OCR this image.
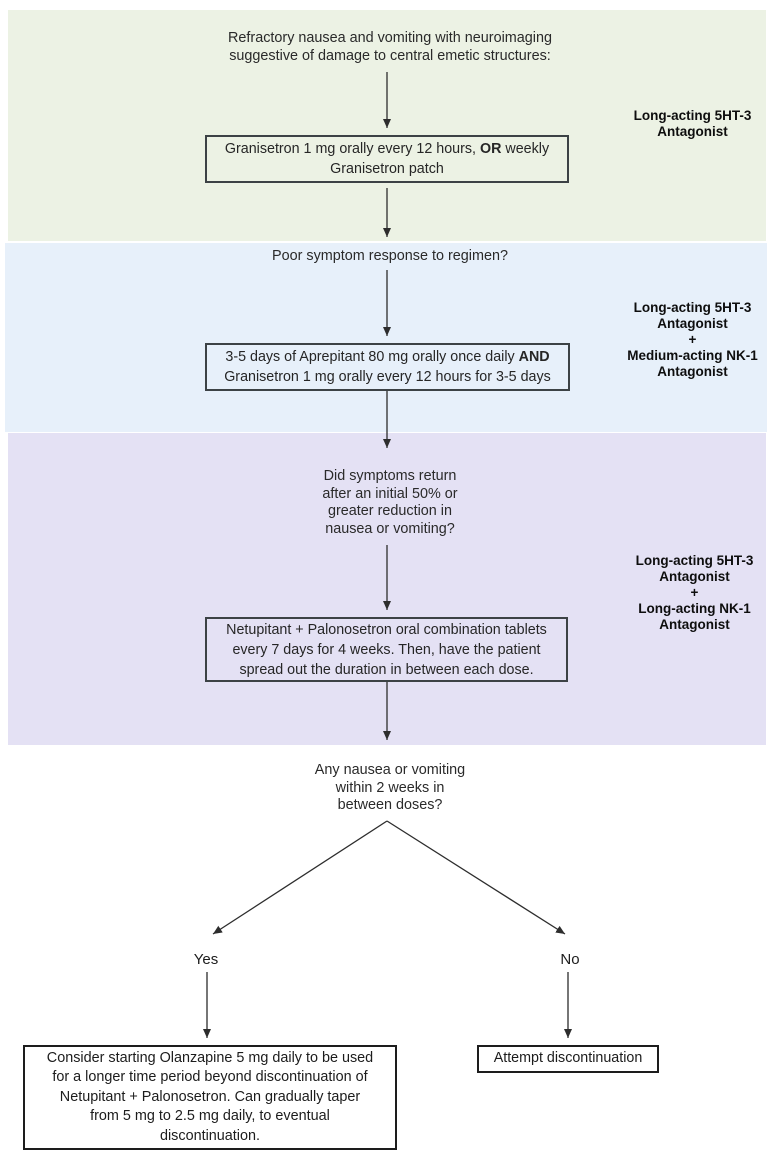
Refractory nausea and vomiting with neuroimaging
suggestive of damage to central emetic structures:
Granisetron 1 mg orally every 12 hours, OR weekly
Granisetron patch
Long-acting 5HT-3
Antagonist
Poor symptom response to regimen?
3-5 days of Aprepitant 80 mg orally once daily AND
Granisetron 1 mg orally every 12 hours for 3-5 days
Long-acting 5HT-3
Antagonist
+
Medium-acting NK-1
Antagonist
Did symptoms return
after an initial 50% or
greater reduction in
nausea or vomiting?
Netupitant + Palonosetron oral combination tablets
every 7 days for 4 weeks. Then, have the patient
spread out the duration in between each dose.
Long-acting 5HT-3
Antagonist
+
Long-acting NK-1
Antagonist
Any nausea or vomiting
within 2 weeks in
between doses?
Yes	No
Consider starting Olanzapine 5 mg daily to be used
for a longer time period beyond discontinuation of
Netupitant + Palonosetron. Can gradually taper
from 5 mg to 2.5 mg daily, to eventual
discontinuation.
Attempt discontinuation
